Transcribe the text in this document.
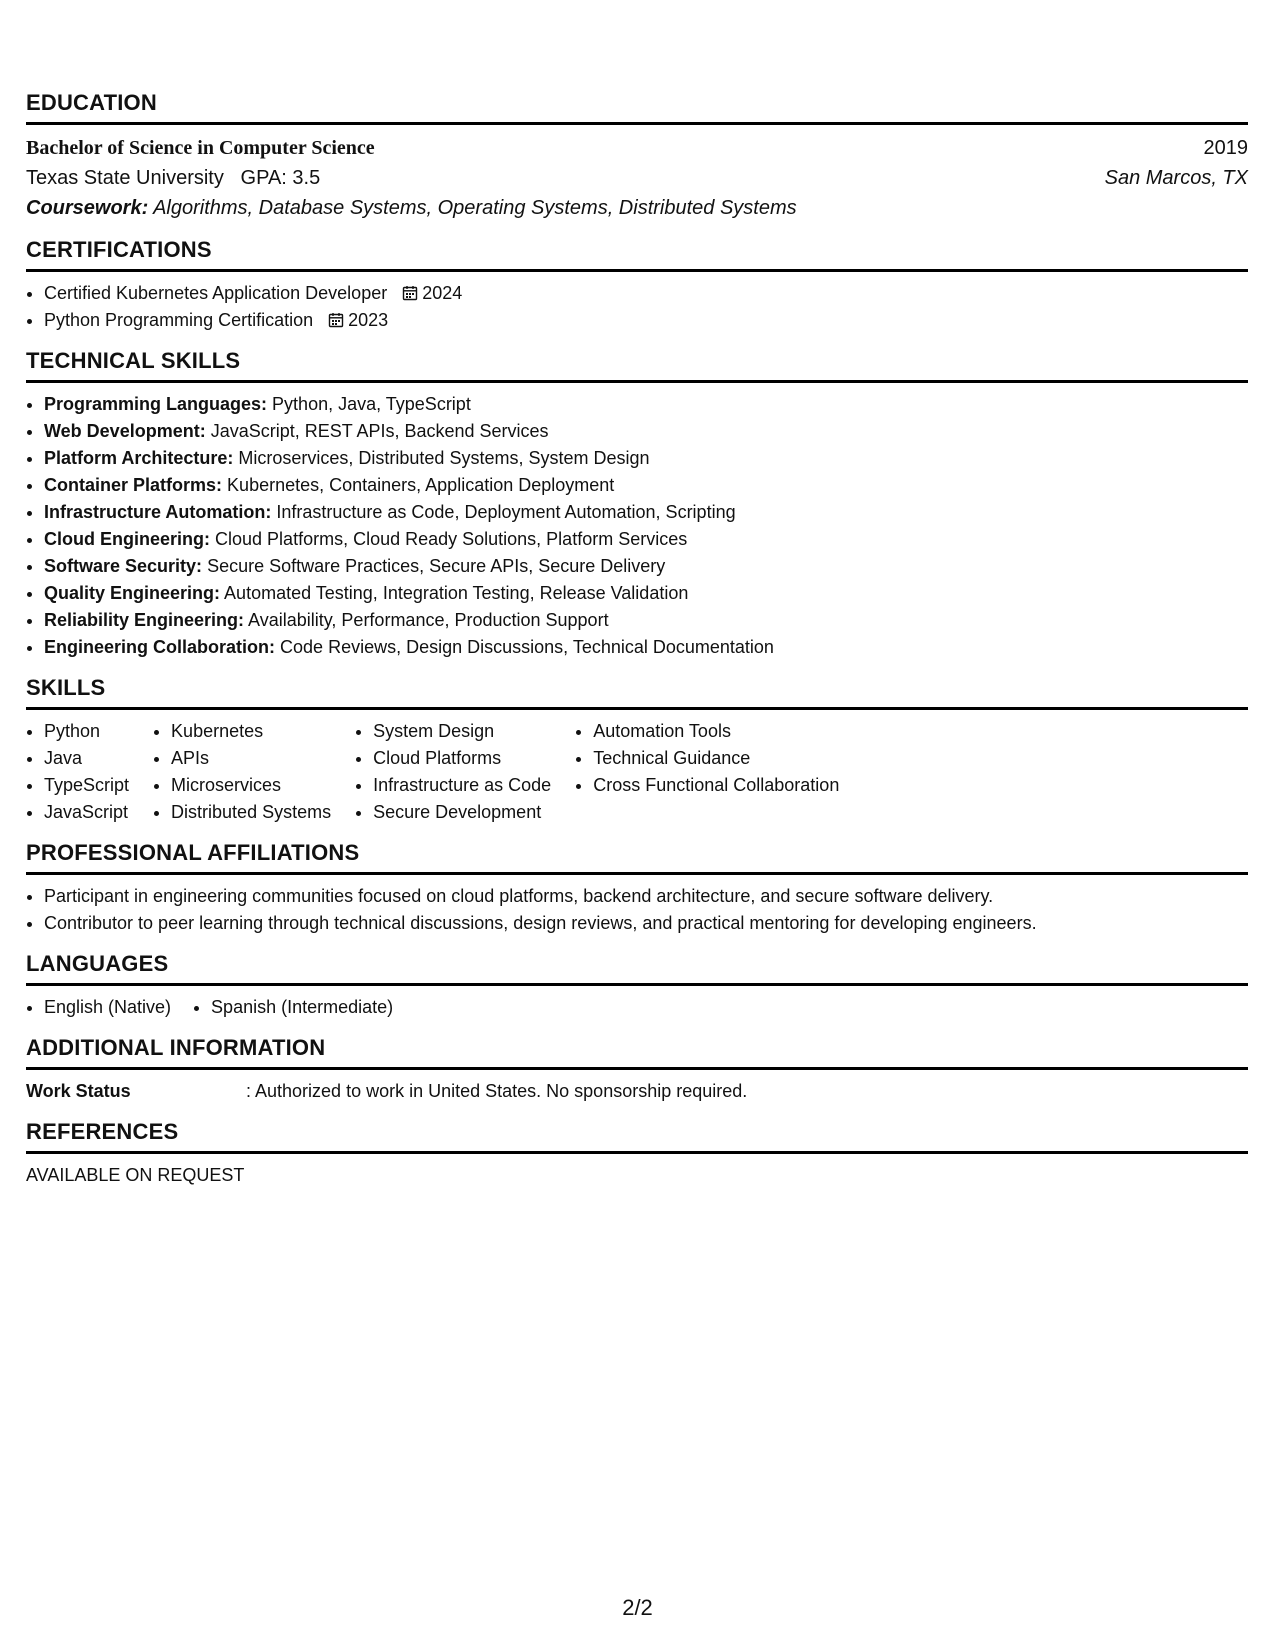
EDUCATION
Bachelor of Science in Computer Science	2019
Texas State University GPA: 3.5	San Marcos, TX
Coursework: Algorithms, Database Systems, Operating Systems, Distributed Systems
CERTIFICATIONS
• Certified Kubernetes Application Developer 2024
• Python Programming Certification 2023
TECHNICAL SKILLS
• Programming Languages: Python, Java, TypeScript
• Web Development: JavaScript, REST APIs, Backend Services
• Platform Architecture: Microservices, Distributed Systems, System Design
• Container Platforms: Kubernetes, Containers, Application Deployment
• Infrastructure Automation: Infrastructure as Code, Deployment Automation, Scripting
• Cloud Engineering: Cloud Platforms, Cloud Ready Solutions, Platform Services
• Software Security: Secure Software Practices, Secure APIs, Secure Delivery
• Quality Engineering: Automated Testing, Integration Testing, Release Validation
• Reliability Engineering: Availability, Performance, Production Support
• Engineering Collaboration: Code Reviews, Design Discussions, Technical Documentation
SKILLS
• Python
• Java
• TypeScript
• JavaScript
• Kubernetes
• APIs
• Microservices
• Distributed Systems
• System Design
• Cloud Platforms
• Infrastructure as Code
• Secure Development
• Automation Tools
• Technical Guidance
• Cross Functional Collaboration
PROFESSIONAL AFFILIATIONS
• Participant in engineering communities focused on cloud platforms, backend architecture, and secure software delivery.
• Contributor to peer learning through technical discussions, design reviews, and practical mentoring for developing engineers.
LANGUAGES
• English (Native)
• Spanish (Intermediate)
ADDITIONAL INFORMATION
Work Status	: Authorized to work in United States. No sponsorship required.
REFERENCES
AVAILABLE ON REQUEST
2/2
